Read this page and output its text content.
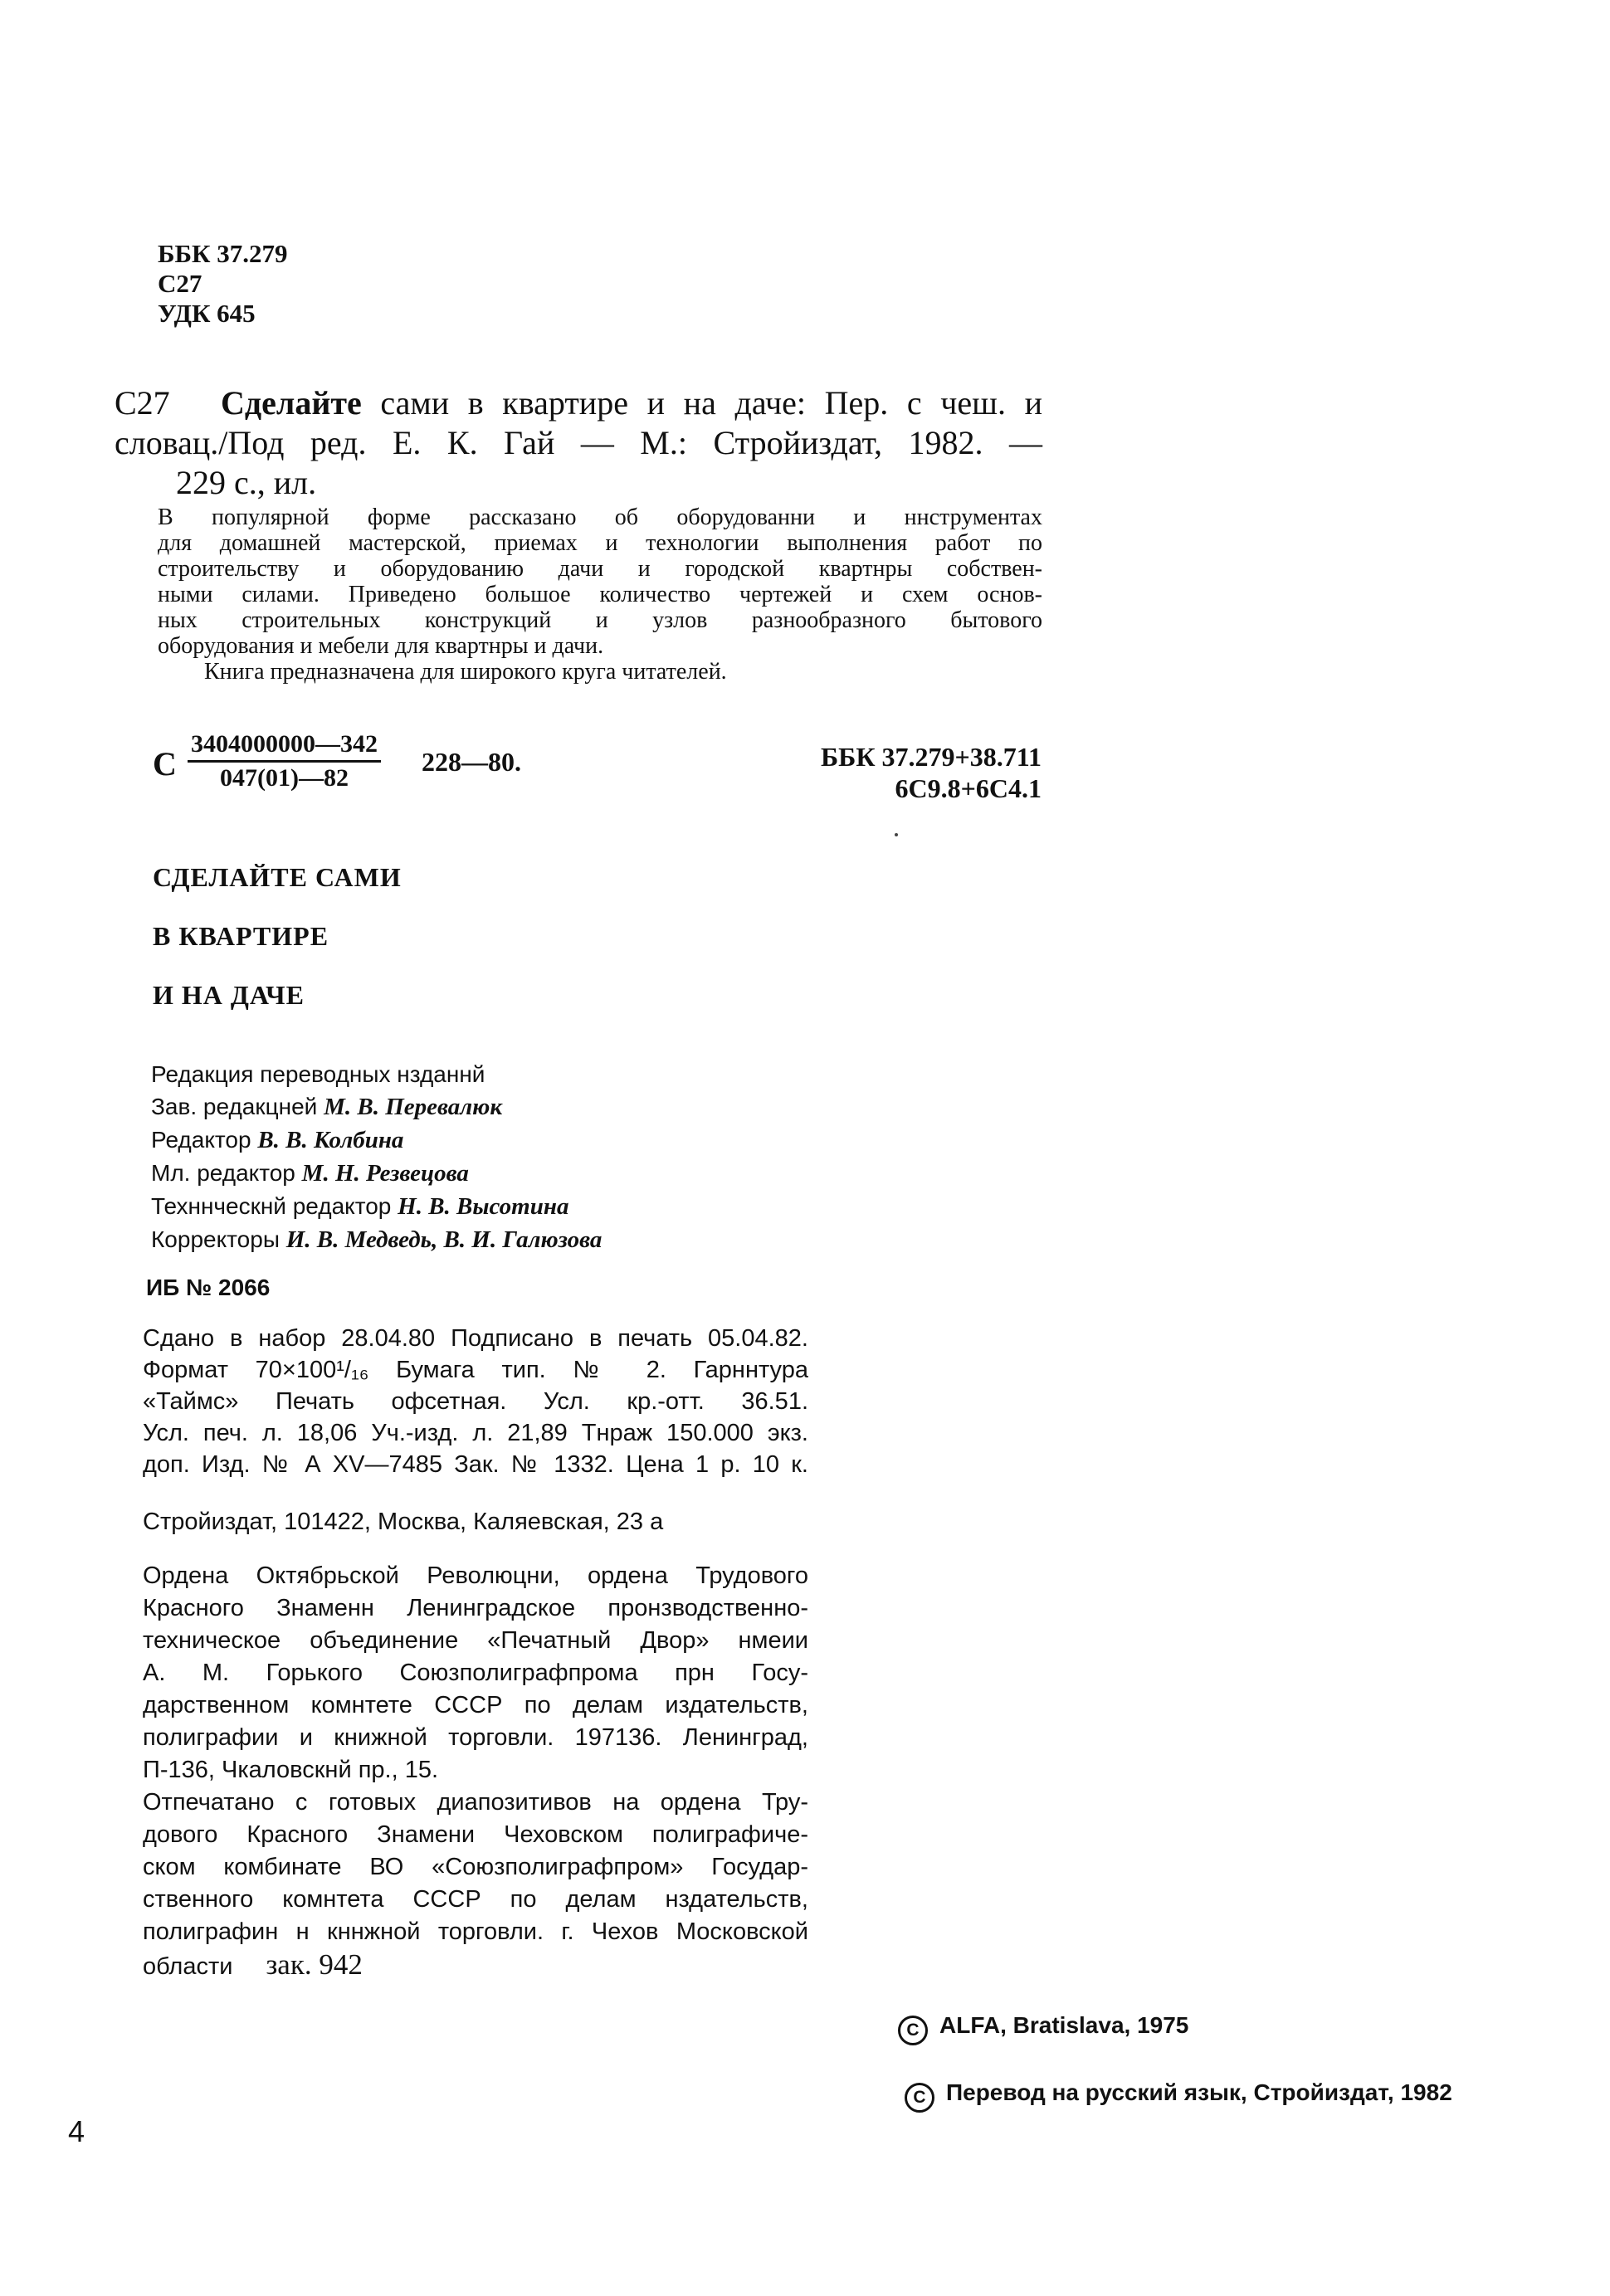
ББК 37.279
С27
УДК 645
С27 Сделайте сами в квартире и на даче: Пер. с чеш. и
словац./Под ред. Е. К. Гай — М.: Стройиздат, 1982. —
229 с., ил.
В популярной форме рассказано об оборудованни и ннструментах
для домашней мастерской, приемах и технологии выполнения работ по
строительству и оборудованию дачи и городской квартнры собствен-
ными силами. Приведено большое количество чертежей и схем основ-
ных строительных конструкций и узлов разнообразного бытового
оборудования и мебели для квартнры и дачи.
Книга предназначена для широкого круга читателей.
С $\frac{3404000000—342}{047(01)—82}$ 228—80.	ББК 37.279+38.711
6С9.8+6С4.1
СДЕЛАЙТЕ САМИ
В КВАРТИРЕ
И НА ДАЧЕ
Редакция переводных нзданнй
Зав. редакцней М. В. Перевалюк
Редактор В. В. Колбина
Мл. редактор М. Н. Резвецова
Техннческнй редактор Н. В. Высотина
Корректоры И. В. Медведь, В. И. Галюзова
ИБ № 2066
Сдано в набор 28.04.80 Подписано в печать 05.04.82.
Формат 70×100¹/₁₆ Бумага тип. № 2. Гарннтура
«Таймс» Печать офсетная. Усл. кр.-отт. 36.51.
Усл. печ. л. 18,06 Уч.-изд. л. 21,89 Тнраж 150.000 экз.
доп. Изд. № А XV—7485 Зак. № 1332. Цена 1 р. 10 к.
Стройиздат, 101422, Москва, Каляевская, 23 а
Ордена Октябрьской Революцни, ордена Трудового
Красного Знаменн Ленинградское пронзводственно-
техническое объединение «Печатный Двор» нмеии
А. М. Горького Союзполиграфпрома прн Госу-
дарственном комнтете СССР по делам издательств,
полиграфии и книжной торговли. 197136. Ленинград,
П-136, Чкаловскнй пр., 15.
Отпечатано с готовых диапозитивов на ордена Тру-
дового Красного Знамени Чеховском полиграфиче-
ском комбинате ВО «Союзполиграфпром» Государ-
ственного комнтета СССР по делам нздательств,
полиграфин н кннжной торговли. г. Чехов Московской
области зак. 942
C ALFA, Bratislava, 1975
C Перевод на русский язык, Стройиздат, 1982
4
